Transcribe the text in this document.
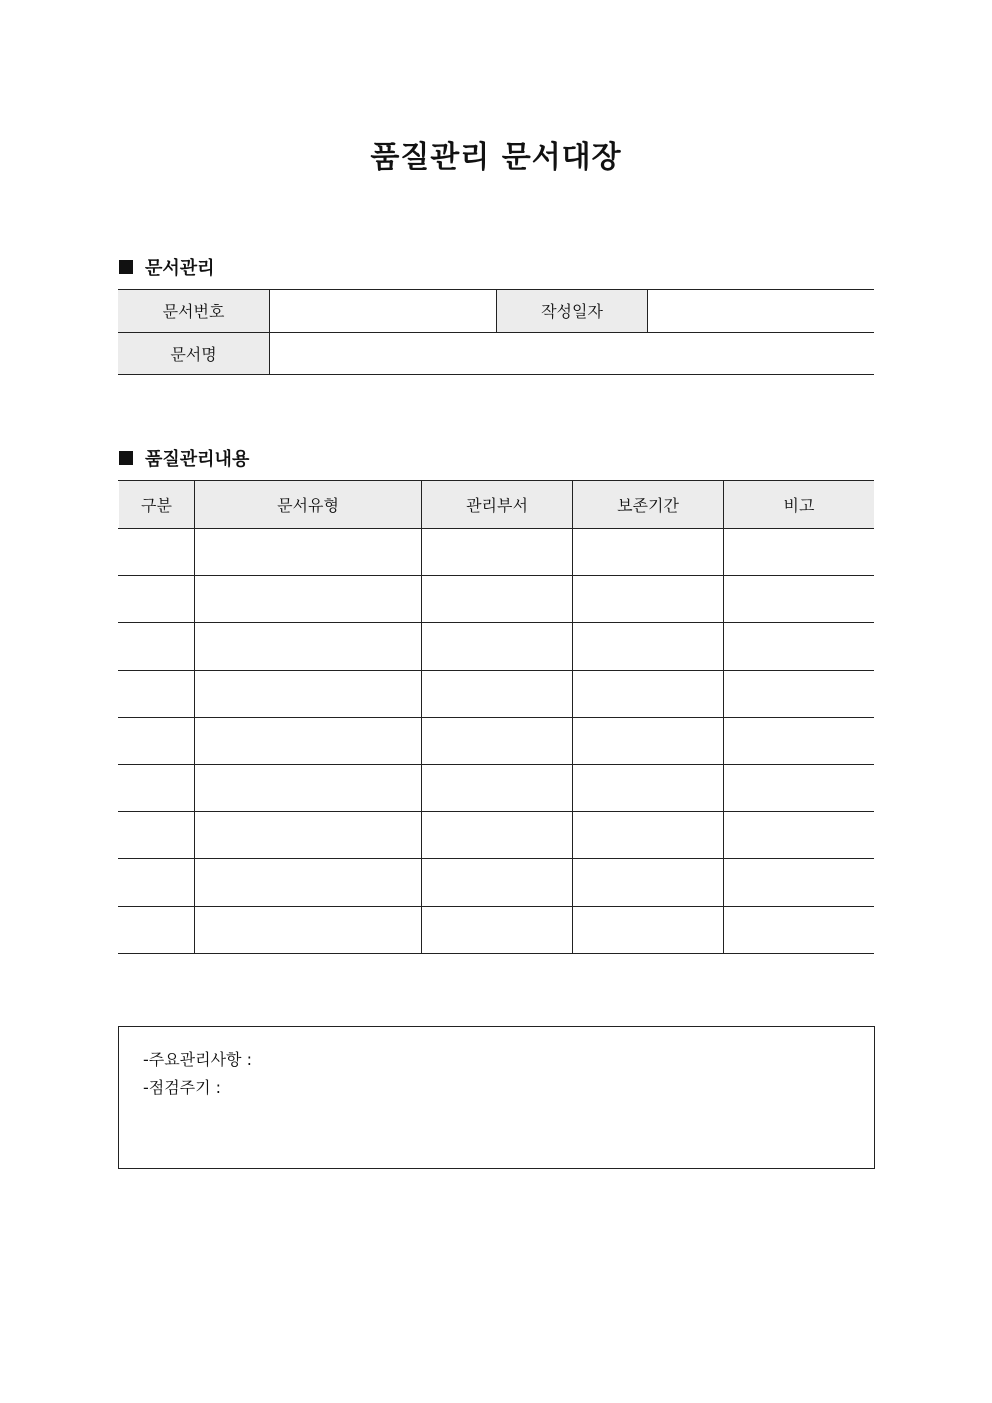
품질관리 문서대장
문서관리
문서번호	작성일자
문서명
품질관리내용
구분	문서유형	관리부서	보존기간	비고
-주요관리사항 :
-점검주기 :
